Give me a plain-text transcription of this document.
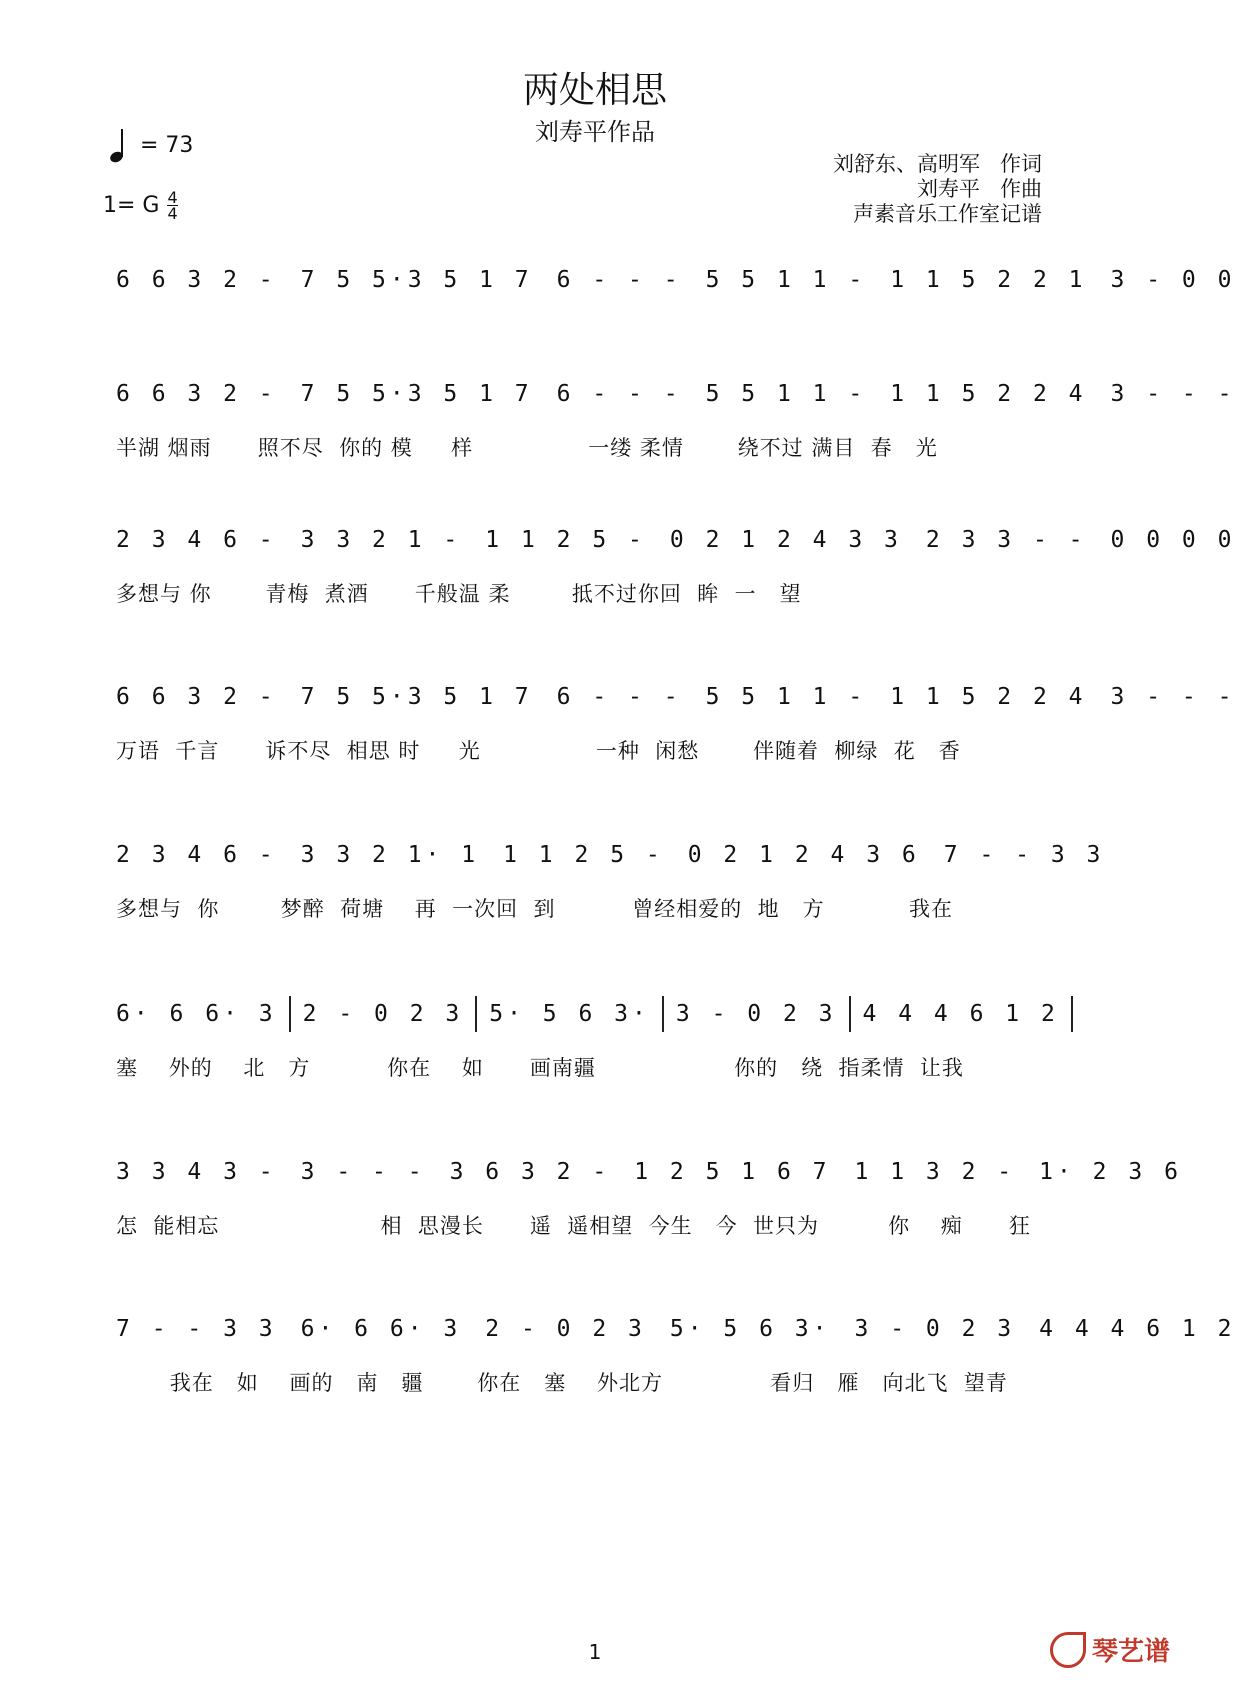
两处相思
刘寿平作品
= 73
1= G $\frac{4}{4}$
刘舒东、高明军   作词
刘寿平   作曲
声素音乐工作室记谱
6 6 3 2 - 7 5 5·3 5 1 7 6 - - - 5 5 1 1 - 1 1 5 2 2 1 3 - 0 0
6 6 3 2 - 7 5 5·3 5 1 7 6 - - - 5 5 1 1 - 1 1 5 2 2 4 3 - - -
半湖 烟雨      照不尽  你的 模     样               一缕 柔情       绕不过 满目  春   光
2 3 4 6 - 3 3 2 1 - 1 1 2 5 - 0 2 1 2 4 3 3 2 3 3 - - 0 0 0 0
多想与 你       青梅  煮酒      千般温 柔        抵不过你回  眸  一   望
6 6 3 2 - 7 5 5·3 5 1 7 6 - - - 5 5 1 1 - 1 1 5 2 2 4 3 - - -
万语  千言      诉不尽  相思 时     光               一种  闲愁       伴随着  柳绿  花   香
2 3 4 6 - 3 3 2 1· 1 1 1 2 5 - 0 2 1 2 4 3 6 7 - - 3 3
多想与  你        梦醉  荷塘    再  一次回  到          曾经相爱的  地   方           我在
6· 6 6· 3 2 - 0 2 3 5· 5 6 3· 3 - 0 2 3 4 4 4 6 1 2
塞    外的    北   方          你在    如      画南疆                  你的   绕  指柔情  让我
3 3 4 3 - 3 - - - 3 6 3 2 - 1 2 5 1 6 7 1 1 3 2 - 1· 2 3 6
怎  能相忘                     相  思漫长      遥  遥相望  今生   今  世只为         你    痴      狂
7 - - 3 3 6· 6 6· 3 2 - 0 2 3 5· 5 6 3· 3 - 0 2 3 4 4 4 6 1 2
我在   如    画的   南   疆       你在   塞    外北方              看归   雁   向北飞  望青
1	琴艺谱
